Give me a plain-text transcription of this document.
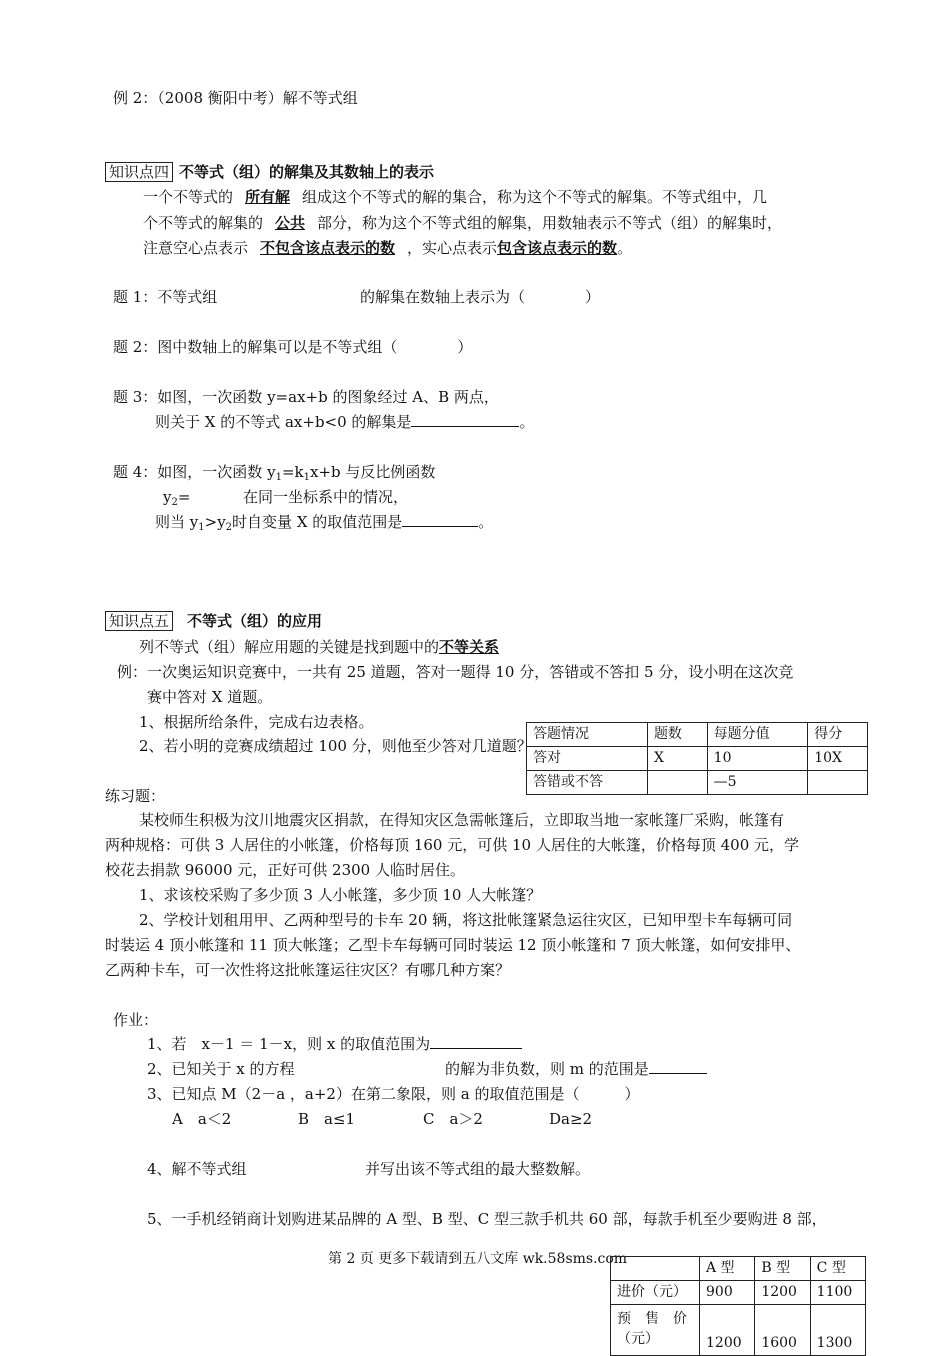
例 2：（2008 衡阳中考）解不等式组
知识点四 不等式（组）的解集及其数轴上的表示
一个不等式的 所有解 组成这个不等式的解的集合，称为这个不等式的解集。不等式组中，几
个不等式的解集的 公共 部分，称为这个不等式组的解集，用数轴表示不等式（组）的解集时，
注意空心点表示 不包含该点表示的数 ，实心点表示包含该点表示的数。
题 1：不等式组	的解集在数轴上表示为（　　　　）
题 2：图中数轴上的解集可以是不等式组（　　　　）
题 3：如图，一次函数 y=ax+b 的图象经过 A、B 两点，
则关于 X 的不等式 ax+b<0 的解集是	。
题 4：如图，一次函数 $y_1=k_1x+b$ 与反比例函数
$y_2=$	在同一坐标系中的情况，
则当 $y_1>y_2$时自变量 X 的取值范围是	。
知识点五 不等式（组）的应用
列不等式（组）解应用题的关键是找到题中的不等关系
例：一次奥运知识竞赛中，一共有 25 道题，答对一题得 10 分，答错或不答扣 5 分，设小明在这次竞
赛中答对 X 道题。
1、根据所给条件，完成右边表格。
2、若小明的竞赛成绩超过 100 分，则他至少答对几道题？
答题情况	题数	每题分值	得分
答对	X	10	10X
答错或不答		—5	
练习题：
某校师生积极为汶川地震灾区捐款，在得知灾区急需帐篷后，立即取当地一家帐篷厂采购，帐篷有
两种规格：可供 3 人居住的小帐篷，价格每顶 160 元，可供 10 人居住的大帐篷，价格每顶 400 元，学
校花去捐款 96000 元，正好可供 2300 人临时居住。
1、求该校采购了多少顶 3 人小帐篷，多少顶 10 人大帐篷？
2、学校计划租用甲、乙两种型号的卡车 20 辆，将这批帐篷紧急运往灾区，已知甲型卡车每辆可同
时装运 4 顶小帐篷和 11 顶大帐篷；乙型卡车每辆可同时装运 12 顶小帐篷和 7 顶大帐篷，如何安排甲、
乙两种卡车，可一次性将这批帐篷运往灾区？有哪几种方案？
作业：
1、若　x－1 ＝ 1－x，则 x 的取值范围为
2、已知关于 x 的方程	的解为非负数，则 m 的范围是
3、已知点 M（2－a ，a+2）在第二象限，则 a 的取值范围是（　　　）
A　a＜2	B　a≤1	C　a＞2	Da≥2
4、解不等式组	并写出该不等式组的最大整数解。
5、一手机经销商计划购进某品牌的 A 型、B 型、C 型三款手机共 60 部，每款手机至少要购进 8 部，
第 2 页 更多下载请到五八文库 wk.58sms.com
	A 型	B 型	C 型
进价（元）	900	1200	1100
预　售　价
（元）	1200	1600	1300
